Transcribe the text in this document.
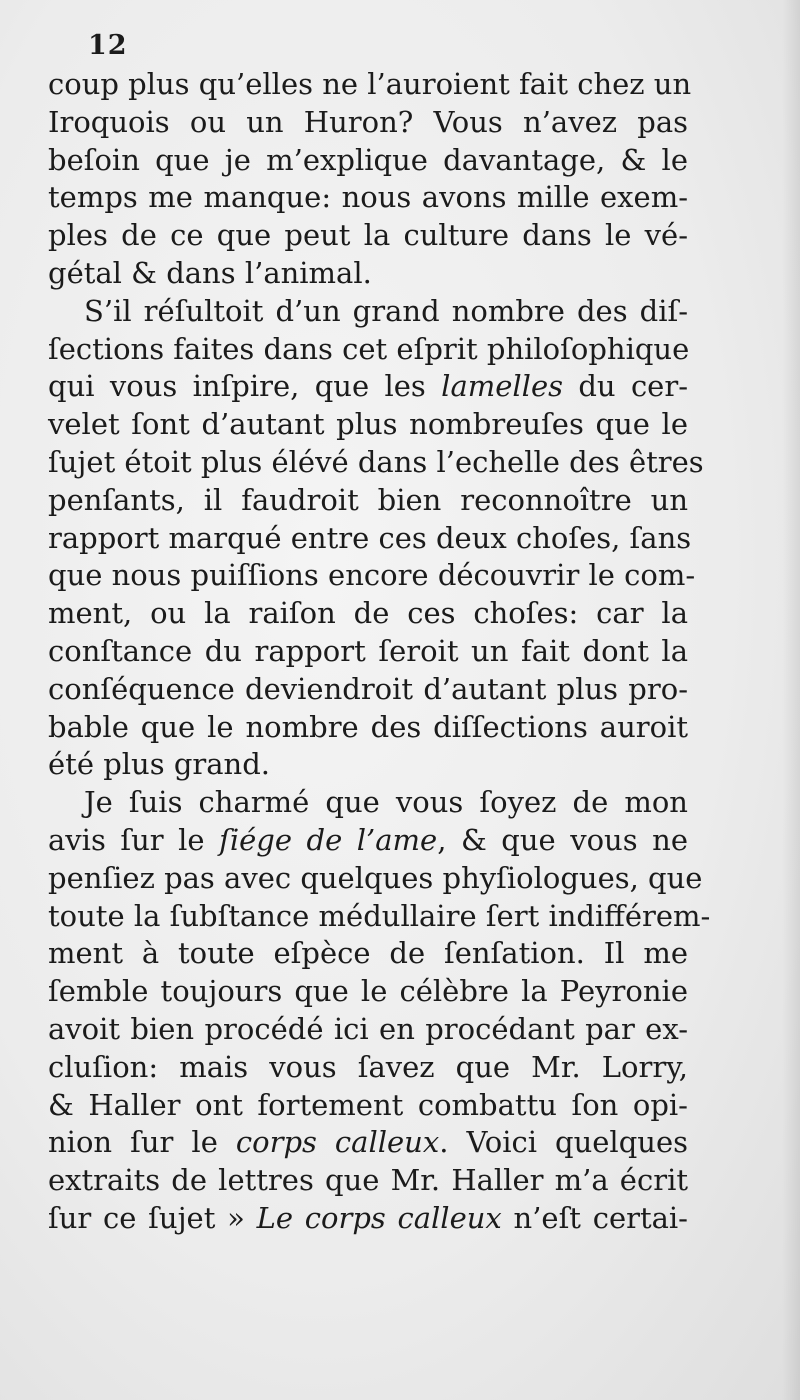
12
coup plus qu’elles ne l’auroient fait chez un
Iroquois ou un Huron? Vous n’avez pas
beſoin que je m’explique davantage, & le
temps me manque: nous avons mille exem-
ples de ce que peut la culture dans le vé-
gétal & dans l’animal.
S’il réſultoit d’un grand nombre des diſ-
ſections faites dans cet eſprit philoſophique
qui vous inſpire, que les lamelles du cer-
velet ſont d’autant plus nombreuſes que le
ſujet étoit plus élévé dans l’echelle des êtres
penſants, il faudroit bien reconnoître un
rapport marqué entre ces deux choſes, ſans
que nous puiſſions encore découvrir le com-
ment, ou la raiſon de ces choſes: car la
conſtance du rapport ſeroit un fait dont la
conſéquence deviendroit d’autant plus pro-
bable que le nombre des diſſections auroit
été plus grand.
Je ſuis charmé que vous ſoyez de mon
avis ſur le ſiége de l’ame, & que vous ne
penſiez pas avec quelques phyſiologues, que
toute la ſubſtance médullaire ſert indifférem-
ment à toute eſpèce de ſenſation. Il me
ſemble toujours que le célèbre la Peyronie
avoit bien procédé ici en procédant par ex-
cluſion: mais vous ſavez que Mr. Lorry,
& Haller ont fortement combattu ſon opi-
nion ſur le corps calleux. Voici quelques
extraits de lettres que Mr. Haller m’a écrit
ſur ce ſujet » Le corps calleux n’eſt certai-
